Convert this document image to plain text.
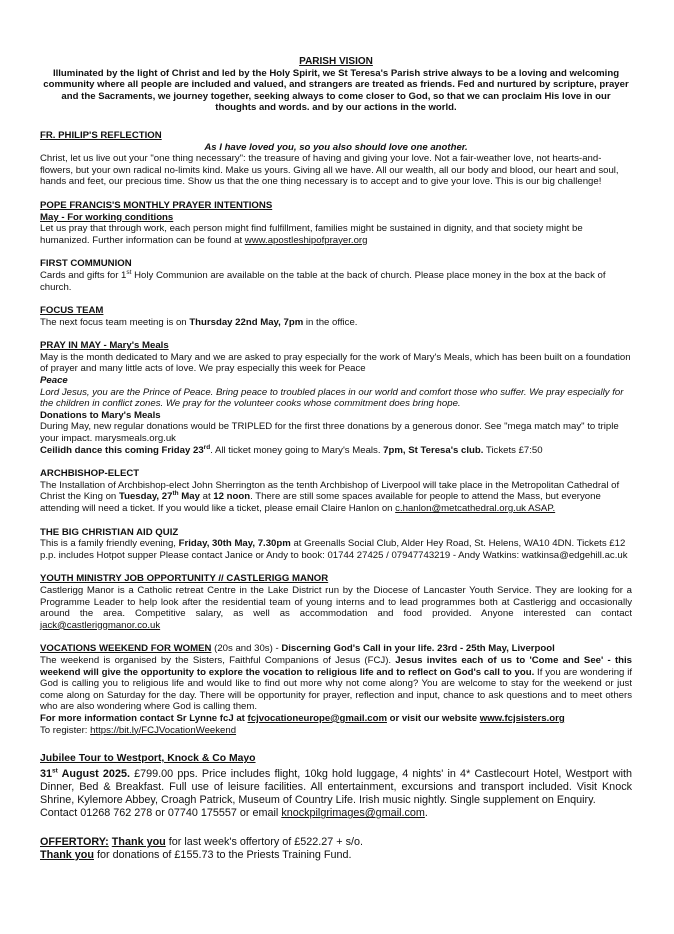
PARISH VISION
Illuminated by the light of Christ and led by the Holy Spirit, we St Teresa's Parish strive always to be a loving and welcoming community where all people are included and valued, and strangers are treated as friends. Fed and nurtured by scripture, prayer and the Sacraments, we journey together, seeking always to come closer to God, so that we can proclaim His love in our thoughts and words. and by our actions in the world.
FR. PHILIP'S REFLECTION
As I have loved you, so you also should love one another.
Christ, let us live out your "one thing necessary": the treasure of having and giving your love. Not a fair-weather love, not hearts-and-flowers, but your own radical no-limits kind. Make us yours. Giving all we have. All our wealth, all our body and blood, our heart and soul, hands and feet, our precious time. Show us that the one thing necessary is to accept and to give your love. This is our big challenge!
POPE FRANCIS'S MONTHLY PRAYER INTENTIONS
May - For working conditions
Let us pray that through work, each person might find fulfillment, families might be sustained in dignity, and that society might be humanized. Further information can be found at www.apostleshipofprayer.org
FIRST COMMUNION
Cards and gifts for 1st Holy Communion are available on the table at the back of church. Please place money in the box at the back of church.
FOCUS TEAM
The next focus team meeting is on Thursday 22nd May, 7pm in the office.
PRAY IN MAY - Mary's Meals
May is the month dedicated to Mary and we are asked to pray especially for the work of Mary's Meals, which has been built on a foundation of prayer and many little acts of love. We pray especially this week for Peace
Peace
Lord Jesus, you are the Prince of Peace. Bring peace to troubled places in our world and comfort those who suffer. We pray especially for the children in conflict zones. We pray for the volunteer cooks whose commitment does bring hope.
Donations to Mary's Meals
During May, new regular donations would be TRIPLED for the first three donations by a generous donor. See "mega match may" to triple your impact. marysmeals.org.uk
Ceilidh dance this coming Friday 23rd. All ticket money going to Mary's Meals. 7pm, St Teresa's club. Tickets £7:50
ARCHBISHOP-ELECT
The Installation of Archbishop-elect John Sherrington as the tenth Archbishop of Liverpool will take place in the Metropolitan Cathedral of Christ the King on Tuesday, 27th May at 12 noon. There are still some spaces available for people to attend the Mass, but everyone attending will need a ticket. If you would like a ticket, please email Claire Hanlon on c.hanlon@metcathedral.org.uk ASAP.
THE BIG CHRISTIAN AID QUIZ
This is a family friendly evening, Friday, 30th May, 7.30pm at Greenalls Social Club, Alder Hey Road, St. Helens, WA10 4DN. Tickets £12 p.p. includes Hotpot supper Please contact Janice or Andy to book: 01744 27425 / 07947743219 - Andy Watkins: watkinsa@edgehill.ac.uk
YOUTH MINISTRY JOB OPPORTUNITY // CASTLERIGG MANOR
Castlerigg Manor is a Catholic retreat Centre in the Lake District run by the Diocese of Lancaster Youth Service. They are looking for a Programme Leader to help look after the residential team of young interns and to lead programmes both at Castlerigg and occasionally around the area. Competitive salary, as well as accommodation and food provided. Anyone interested can contact jack@castleriggmanor.co.uk
VOCATIONS WEEKEND FOR WOMEN (20s and 30s) - Discerning God's Call in your life. 23rd - 25th May, Liverpool
The weekend is organised by the Sisters, Faithful Companions of Jesus (FCJ). Jesus invites each of us to 'Come and See' - this weekend will give the opportunity to explore the vocation to religious life and to reflect on God's call to you. If you are wondering if God is calling you to religious life and would like to find out more why not come along? You are welcome to stay for the weekend or just come along on Saturday for the day. There will be opportunity for prayer, reflection and input, chance to ask questions and to meet others who are also wondering where God is calling them.
For more information contact Sr Lynne fcJ at fcjvocationeurope@gmail.com or visit our website www.fcjsisters.org
To register: https://bit.ly/FCJVocationWeekend
Jubilee Tour to Westport, Knock & Co Mayo
31st August 2025. £799.00 pps. Price includes flight, 10kg hold luggage, 4 nights' in 4* Castlecourt Hotel, Westport with Dinner, Bed & Breakfast. Full use of leisure facilities. All entertainment, excursions and transport included. Visit Knock Shrine, Kylemore Abbey, Croagh Patrick, Museum of Country Life. Irish music nightly. Single supplement on Enquiry.
Contact 01268 762 278 or 07740 175557 or email knockpilgrimages@gmail.com.
OFFERTORY: Thank you for last week's offertory of £522.27 + s/o.
Thank you for donations of £155.73 to the Priests Training Fund.
